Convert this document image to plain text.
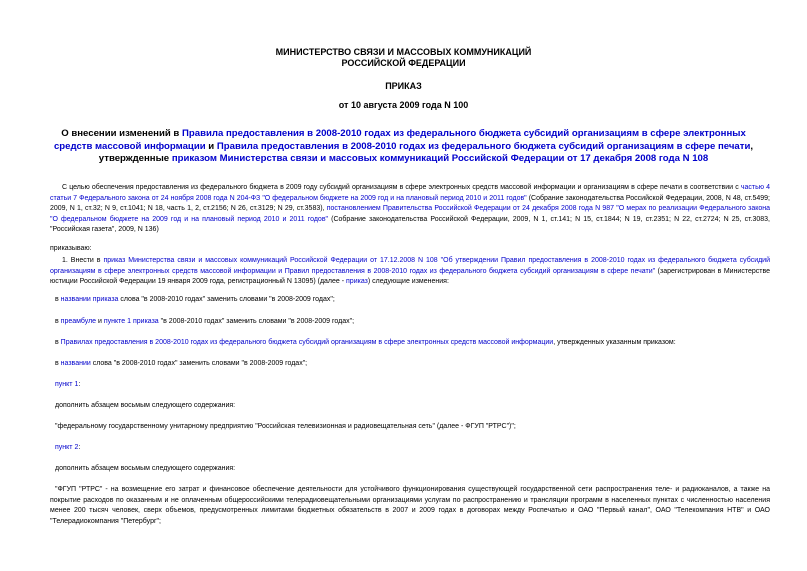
МИНИСТЕРСТВО СВЯЗИ И МАССОВЫХ КОММУНИКАЦИЙ
РОССИЙСКОЙ ФЕДЕРАЦИИ
ПРИКАЗ
от 10 августа 2009 года N 100
О внесении изменений в Правила предоставления в 2008-2010 годах из федерального бюджета субсидий организациям в сфере электронных средств массовой информации и Правила предоставления в 2008-2010 годах из федерального бюджета субсидий организациям в сфере печати, утвержденные приказом Министерства связи и массовых коммуникаций Российской Федерации от 17 декабря 2008 года N 108
С целью обеспечения предоставления из федерального бюджета в 2009 году субсидий организациям в сфере электронных средств массовой информации и организациям в сфере печати в соответствии с частью 4 статьи 7 Федерального закона от 24 ноября 2008 года N 204-ФЗ "О федеральном бюджете на 2009 год и на плановый период 2010 и 2011 годов" (Собрание законодательства Российской Федерации, 2008, N 48, ст.5499; 2009, N 1, ст.32; N 9, ст.1041; N 18, часть 1, 2, ст.2156; N 26, ст.3129; N 29, ст.3583), постановлением Правительства Российской Федерации от 24 декабря 2008 года N 987 "О мерах по реализации Федерального закона "О федеральном бюджете на 2009 год и на плановый период 2010 и 2011 годов" (Собрание законодательства Российской Федерации, 2009, N 1, ст.141; N 15, ст.1844; N 19, ст.2351; N 22, ст.2724; N 25, ст.3083, "Российская газета", 2009, N 136)
приказываю:
1. Внести в приказ Министерства связи и массовых коммуникаций Российской Федерации от 17.12.2008 N 108 "Об утверждении Правил предоставления в 2008-2010 годах из федерального бюджета субсидий организациям в сфере электронных средств массовой информации и Правил предоставления в 2008-2010 годах из федерального бюджета субсидий организациям в сфере печати" (зарегистрирован в Министерстве юстиции Российской Федерации 19 января 2009 года, регистрационный N 13095) (далее - приказ) следующие изменения:
в названии приказа слова "в 2008-2010 годах" заменить словами "в 2008-2009 годах";
в преамбуле и пункте 1 приказа "в 2008-2010 годах" заменить словами "в 2008-2009 годах";
в Правилах предоставления в 2008-2010 годах из федерального бюджета субсидий организациям в сфере электронных средств массовой информации, утвержденных указанным приказом:
в названии слова "в 2008-2010 годах" заменить словами "в 2008-2009 годах";
пункт 1:
дополнить абзацем восьмым следующего содержания:
"федеральному государственному унитарному предприятию "Российская телевизионная и радиовещательная сеть" (далее - ФГУП "РТРС")";
пункт 2:
дополнить абзацем восьмым следующего содержания:
"ФГУП "РТРС" - на возмещение его затрат и финансовое обеспечение деятельности для устойчивого функционирования существующей государственной сети распространения теле- и радиоканалов, а также на покрытие расходов по оказанным и не оплаченным общероссийскими телерадиовещательными организациями услугам по распространению и трансляции программ в населенных пунктах с численностью населения менее 200 тысяч человек, сверх объемов, предусмотренных лимитами бюджетных обязательств в 2007 и 2009 годах в договорах между Роспечатью и ОАО "Первый канал", ОАО "Телекомпания НТВ" и ОАО "Телерадиокомпания "Петербург";
